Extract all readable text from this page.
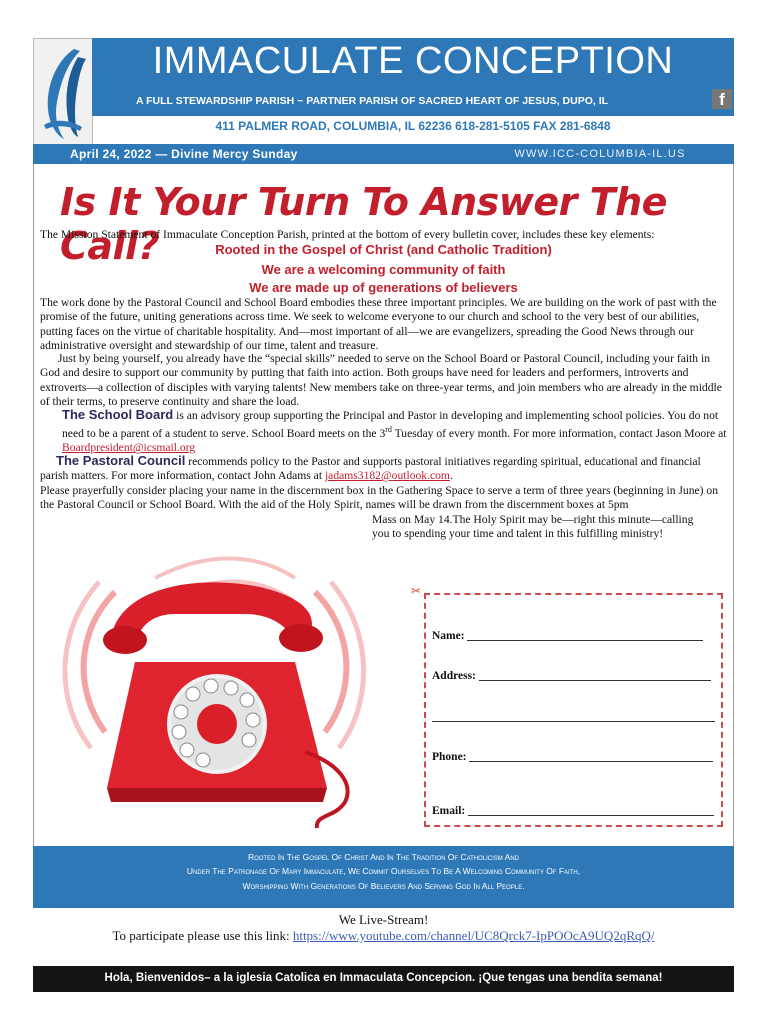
IMMACULATE CONCEPTION
A FULL STEWARDSHIP PARISH ~ PARTNER PARISH OF SACRED HEART OF JESUS, DUPO, IL	f
411 PALMER ROAD, COLUMBIA, IL 62236 618-281-5105 FAX 281-6848
April 24, 2022 — Divine Mercy Sunday	WWW.ICC-COLUMBIA-IL.US
Is It Your Turn To Answer The Call?
The Mission Statement of Immaculate Conception Parish, printed at the bottom of every bulletin cover, includes these key elements:
Rooted in the Gospel of Christ (and Catholic Tradition)
We are a welcoming community of faith
We are made up of generations of believers
The work done by the Pastoral Council and School Board embodies these three important principles. We are building on the work of past with the promise of the future, uniting generations across time. We seek to welcome everyone to our church and school to the very best of our abilities, putting faces on the virtue of charitable hospitality. And—most important of all—we are evangelizers, spreading the Good News through our administrative oversight and stewardship of our time, talent and treasure.
Just by being yourself, you already have the “special skills” needed to serve on the School Board or Pastoral Council, including your faith in God and desire to support our community by putting that faith into action. Both groups have need for leaders and performers, introverts and extroverts—a collection of disciples with varying talents! New members take on three-year terms, and join members who are already in the middle of their terms, to preserve continuity and share the load.
The School Board is an advisory group supporting the Principal and Pastor in developing and implementing school policies. You do not need to be a parent of a student to serve. School Board meets on the 3rd Tuesday of every month. For more information, contact Jason Moore at Boardpresident@icsmail.org
The Pastoral Council recommends policy to the Pastor and supports pastoral initiatives regarding spiritual, educational and financial parish matters. For more information, contact John Adams at jadams3182@outlook.com.
Please prayerfully consider placing your name in the discernment box in the Gathering Space to serve a term of three years (beginning in June) on the Pastoral Council or School Board. With the aid of the Holy Spirit, names will be drawn from the discernment boxes at 5pm
Mass on May 14.The Holy Spirit may be—right this minute—calling
you to spending your time and talent in this fulfilling ministry!
✂
Name:
Address:
Phone:
Email:
Rooted In The Gospel Of Christ And In The Tradition Of Catholicism And
Under The Patronage Of Mary Immaculate, We Commit Ourselves To Be A Welcoming Community Of Faith,
Worshipping With Generations Of Believers And Serving God In All People.
We Live-Stream!
To participate please use this link: https://www.youtube.com/channel/UC8Qrck7-IpPOOcA9UQ2qRqQ/
Hola, Bienvenidos– a la iglesia Catolica en Immaculata Concepcion. ¡Que tengas una bendita semana!
